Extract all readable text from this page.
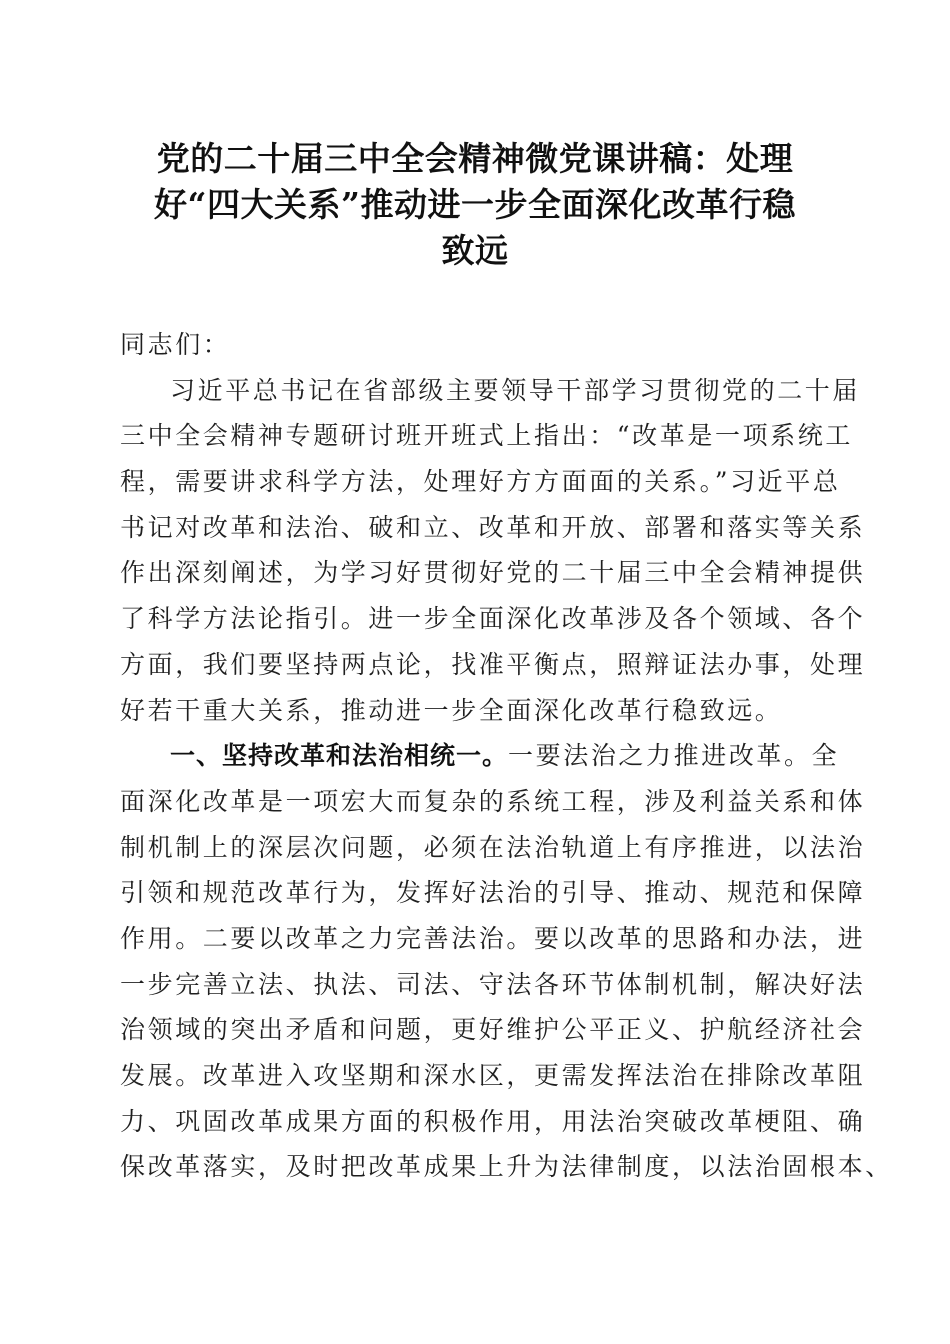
党的二十届三中全会精神微党课讲稿：处理
好“四大关系”推动进一步全面深化改革行稳
致远
同志们：
习近平总书记在省部级主要领导干部学习贯彻党的二十届
三中全会精神专题研讨班开班式上指出：“改革是一项系统工
程，需要讲求科学方法，处理好方方面面的关系。”习近平总
书记对改革和法治、破和立、改革和开放、部署和落实等关系
作出深刻阐述，为学习好贯彻好党的二十届三中全会精神提供
了科学方法论指引。进一步全面深化改革涉及各个领域、各个
方面，我们要坚持两点论，找准平衡点，照辩证法办事，处理
好若干重大关系，推动进一步全面深化改革行稳致远。
一、坚持改革和法治相统一。一要法治之力推进改革。全
面深化改革是一项宏大而复杂的系统工程，涉及利益关系和体
制机制上的深层次问题，必须在法治轨道上有序推进，以法治
引领和规范改革行为，发挥好法治的引导、推动、规范和保障
作用。二要以改革之力完善法治。要以改革的思路和办法，进
一步完善立法、执法、司法、守法各环节体制机制，解决好法
治领域的突出矛盾和问题，更好维护公平正义、护航经济社会
发展。改革进入攻坚期和深水区，更需发挥法治在排除改革阻
力、巩固改革成果方面的积极作用，用法治突破改革梗阻、确
保改革落实，及时把改革成果上升为法律制度，以法治固根本、
